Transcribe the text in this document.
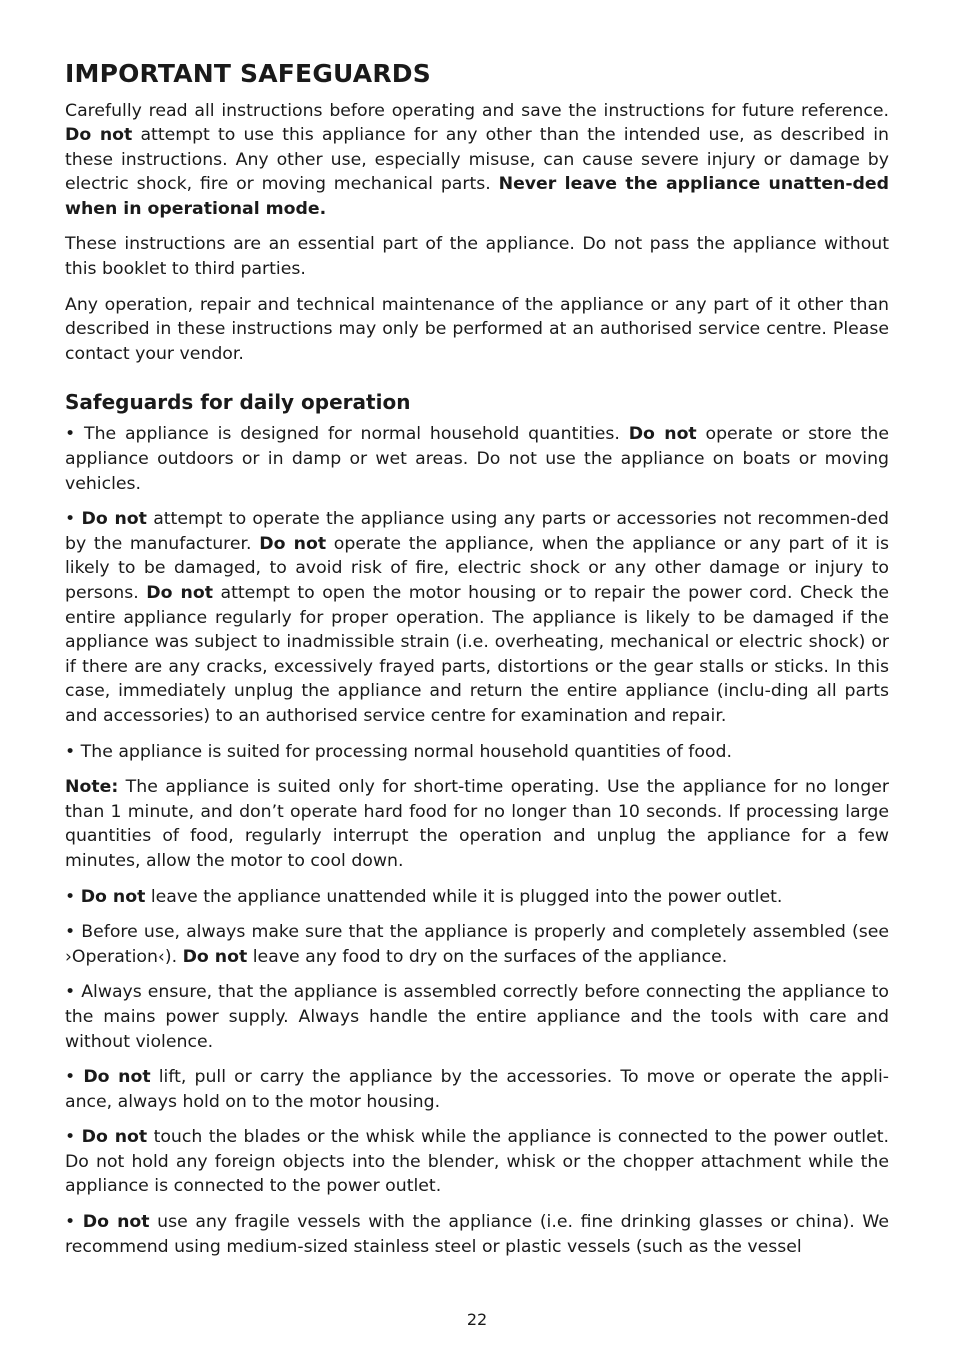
IMPORTANT SAFEGUARDS

Carefully read all instructions before operating and save the instructions for future reference. Do not attempt to use this appliance for any other than the intended use, as described in these instructions. Any other use, especially misuse, can cause severe injury or damage by electric shock, fire or moving mechanical parts. Never leave the appliance unatten-ded when in operational mode.

These instructions are an essential part of the appliance. Do not pass the appliance without this booklet to third parties.

Any operation, repair and technical maintenance of the appliance or any part of it other than described in these instructions may only be performed at an authorised service centre. Please contact your vendor.

Safeguards for daily operation

• The appliance is designed for normal household quantities. Do not operate or store the appliance outdoors or in damp or wet areas. Do not use the appliance on boats or moving vehicles.

• Do not attempt to operate the appliance using any parts or accessories not recommen-ded by the manufacturer. Do not operate the appliance, when the appliance or any part of it is likely to be damaged, to avoid risk of fire, electric shock or any other damage or injury to persons. Do not attempt to open the motor housing or to repair the power cord. Check the entire appliance regularly for proper operation. The appliance is likely to be damaged if the appliance was subject to inadmissible strain (i.e. overheating, mechanical or electric shock) or if there are any cracks, excessively frayed parts, distortions or the gear stalls or sticks. In this case, immediately unplug the appliance and return the entire appliance (inclu-ding all parts and accessories) to an authorised service centre for examination and repair.

• The appliance is suited for processing normal household quantities of food.

Note: The appliance is suited only for short-time operating. Use the appliance for no longer than 1 minute, and don’t operate hard food for no longer than 10 seconds. If processing large quantities of food, regularly interrupt the operation and unplug the appliance for a few minutes, allow the motor to cool down.

• Do not leave the appliance unattended while it is plugged into the power outlet.

• Before use, always make sure that the appliance is properly and completely assembled (see ›Operation‹). Do not leave any food to dry on the surfaces of the appliance.

• Always ensure, that the appliance is assembled correctly before connecting the appliance to the mains power supply. Always handle the entire appliance and the tools with care and without violence.

• Do not lift, pull or carry the appliance by the accessories. To move or operate the appli-ance, always hold on to the motor housing.

• Do not touch the blades or the whisk while the appliance is connected to the power outlet. Do not hold any foreign objects into the blender, whisk or the chopper attachment while the appliance is connected to the power outlet.

• Do not use any fragile vessels with the appliance (i.e. fine drinking glasses or china). We recommend using medium-sized stainless steel or plastic vessels (such as the vessel

22
